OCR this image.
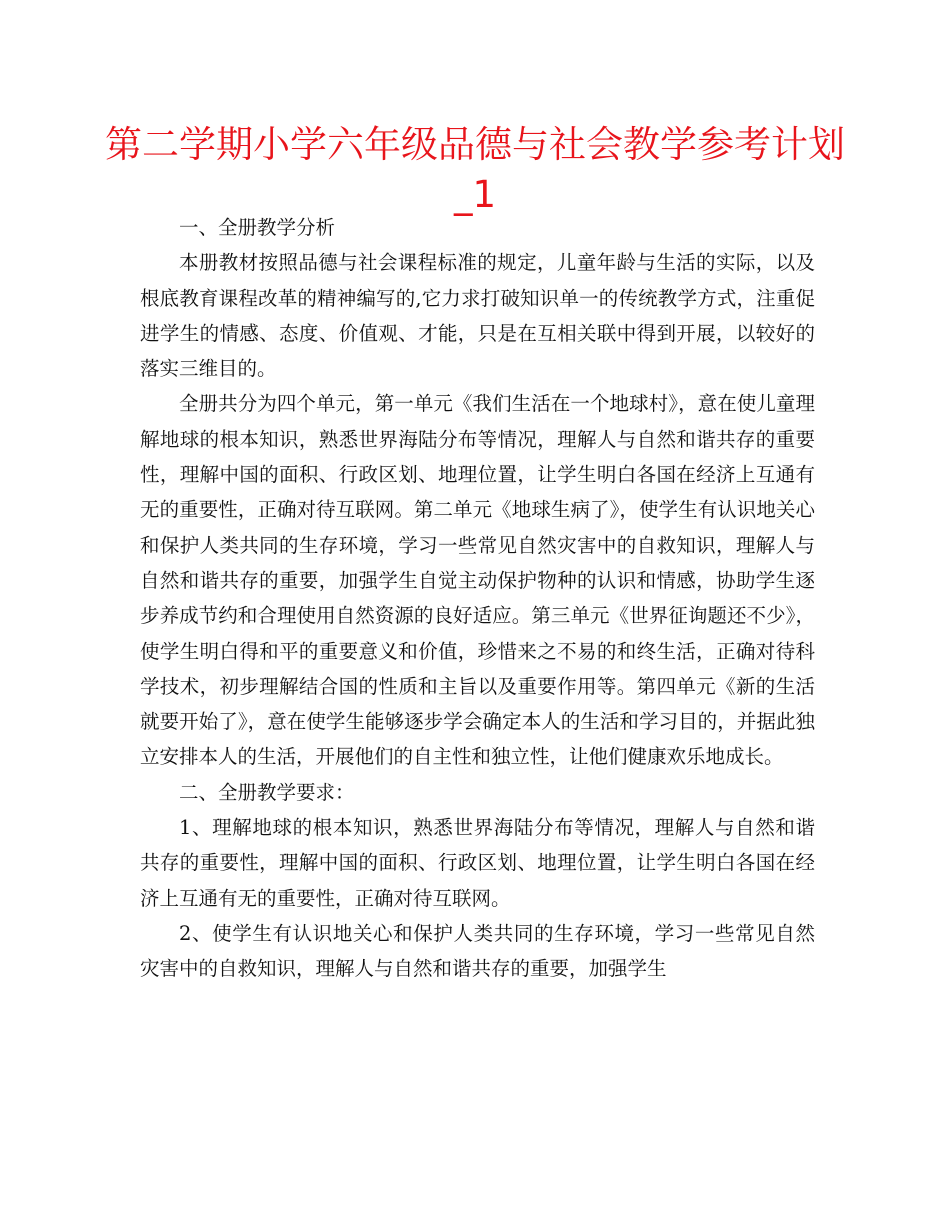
第二学期小学六年级品德与社会教学参考计划_1

一、全册教学分析

本册教材按照品德与社会课程标准的规定，儿童年龄与生活的实际，以及根底教育课程改革的精神编写的,它力求打破知识单一的传统教学方式，注重促进学生的情感、态度、价值观、才能，只是在互相关联中得到开展，以较好的落实三维目的。

全册共分为四个单元，第一单元《我们生活在一个地球村》，意在使儿童理解地球的根本知识，熟悉世界海陆分布等情况，理解人与自然和谐共存的重要性，理解中国的面积、行政区划、地理位置，让学生明白各国在经济上互通有无的重要性，正确对待互联网。第二单元《地球生病了》，使学生有认识地关心和保护人类共同的生存环境，学习一些常见自然灾害中的自救知识，理解人与自然和谐共存的重要，加强学生自觉主动保护物种的认识和情感，协助学生逐步养成节约和合理使用自然资源的良好适应。第三单元《世界征询题还不少》，使学生明白得和平的重要意义和价值，珍惜来之不易的和终生活，正确对待科学技术，初步理解结合国的性质和主旨以及重要作用等。第四单元《新的生活就要开始了》，意在使学生能够逐步学会确定本人的生活和学习目的，并据此独立安排本人的生活，开展他们的自主性和独立性，让他们健康欢乐地成长。

二、全册教学要求：

1、理解地球的根本知识，熟悉世界海陆分布等情况，理解人与自然和谐共存的重要性，理解中国的面积、行政区划、地理位置，让学生明白各国在经济上互通有无的重要性，正确对待互联网。

2、使学生有认识地关心和保护人类共同的生存环境，学习一些常见自然灾害中的自救知识，理解人与自然和谐共存的重要，加强学生
